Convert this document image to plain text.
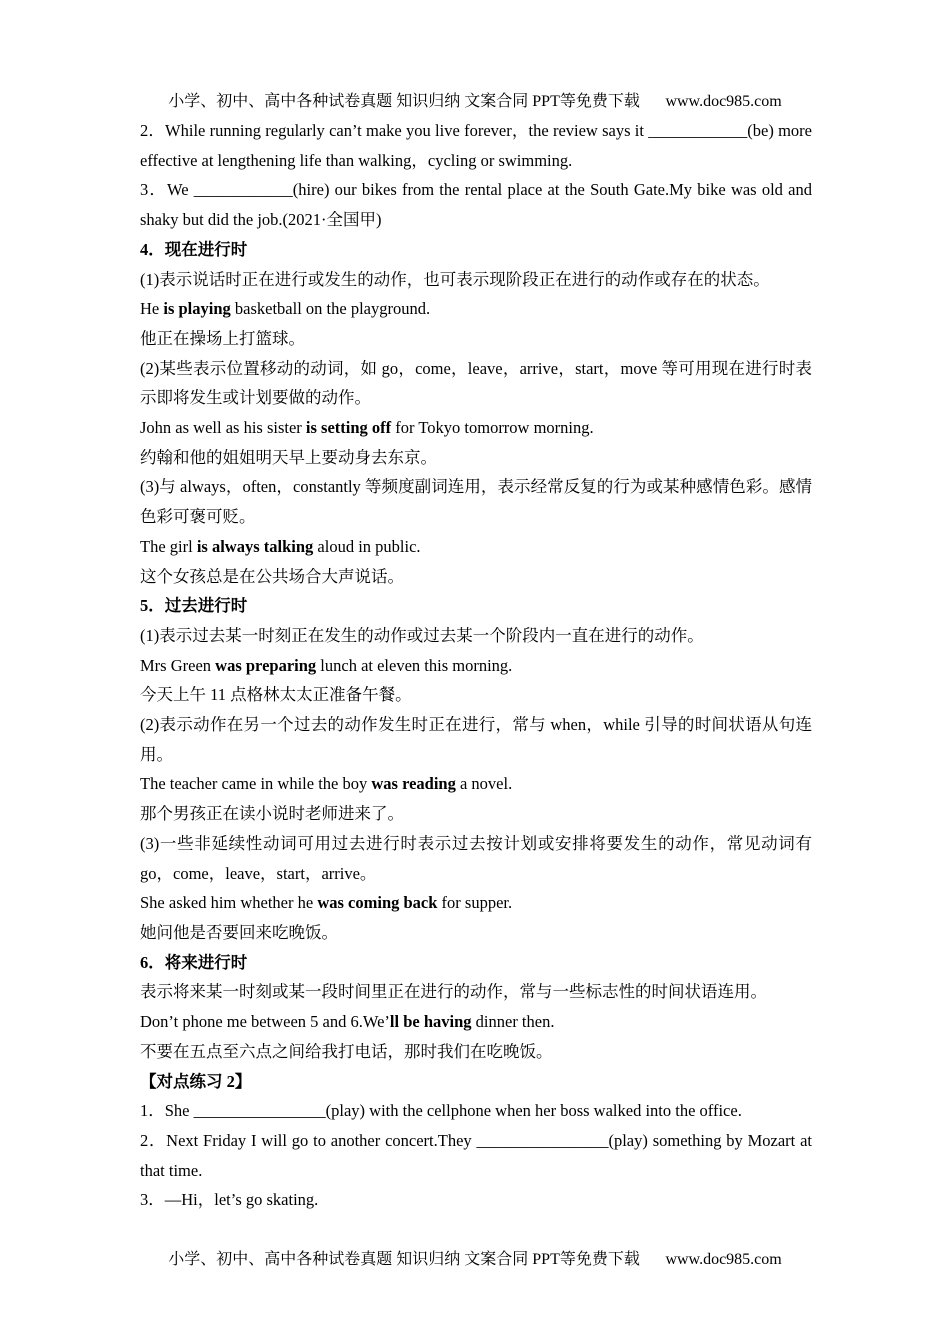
小学、初中、高中各种试卷真题 知识归纳 文案合同 PPT等免费下载 www.doc985.com

2．While running regularly can’t make you live forever，the review says it ____________(be) more effective at lengthening life than walking，cycling or swimming.

3．We ____________(hire) our bikes from the rental place at the South Gate.My bike was old and shaky but did the job.(2021·全国甲)

4．现在进行时

(1)表示说话时正在进行或发生的动作，也可表示现阶段正在进行的动作或存在的状态。

He is playing basketball on the playground.

他正在操场上打篮球。

(2)某些表示位置移动的动词，如 go，come，leave，arrive，start，move 等可用现在进行时表示即将发生或计划要做的动作。

John as well as his sister is setting off for Tokyo tomorrow morning.

约翰和他的姐姐明天早上要动身去东京。

(3)与 always，often，constantly 等频度副词连用，表示经常反复的行为或某种感情色彩。感情色彩可褒可贬。

The girl is always talking aloud in public.

这个女孩总是在公共场合大声说话。

5．过去进行时

(1)表示过去某一时刻正在发生的动作或过去某一个阶段内一直在进行的动作。

Mrs Green was preparing lunch at eleven this morning.

今天上午 11 点格林太太正准备午餐。

(2)表示动作在另一个过去的动作发生时正在进行，常与 when，while 引导的时间状语从句连用。

The teacher came in while the boy was reading a novel.

那个男孩正在读小说时老师进来了。

(3)一些非延续性动词可用过去进行时表示过去按计划或安排将要发生的动作，常见动词有 go，come，leave，start，arrive。

She asked him whether he was coming back for supper.

她问他是否要回来吃晚饭。

6．将来进行时

表示将来某一时刻或某一段时间里正在进行的动作，常与一些标志性的时间状语连用。

Don’t phone me between 5 and 6.We’ll be having dinner then.

不要在五点至六点之间给我打电话，那时我们在吃晚饭。

【对点练习 2】

1．She ________________(play) with the cellphone when her boss walked into the office.

2．Next Friday I will go to another concert.They ________________(play) something by Mozart at that time.

3．—Hi，let’s go skating.

小学、初中、高中各种试卷真题 知识归纳 文案合同 PPT等免费下载 www.doc985.com
